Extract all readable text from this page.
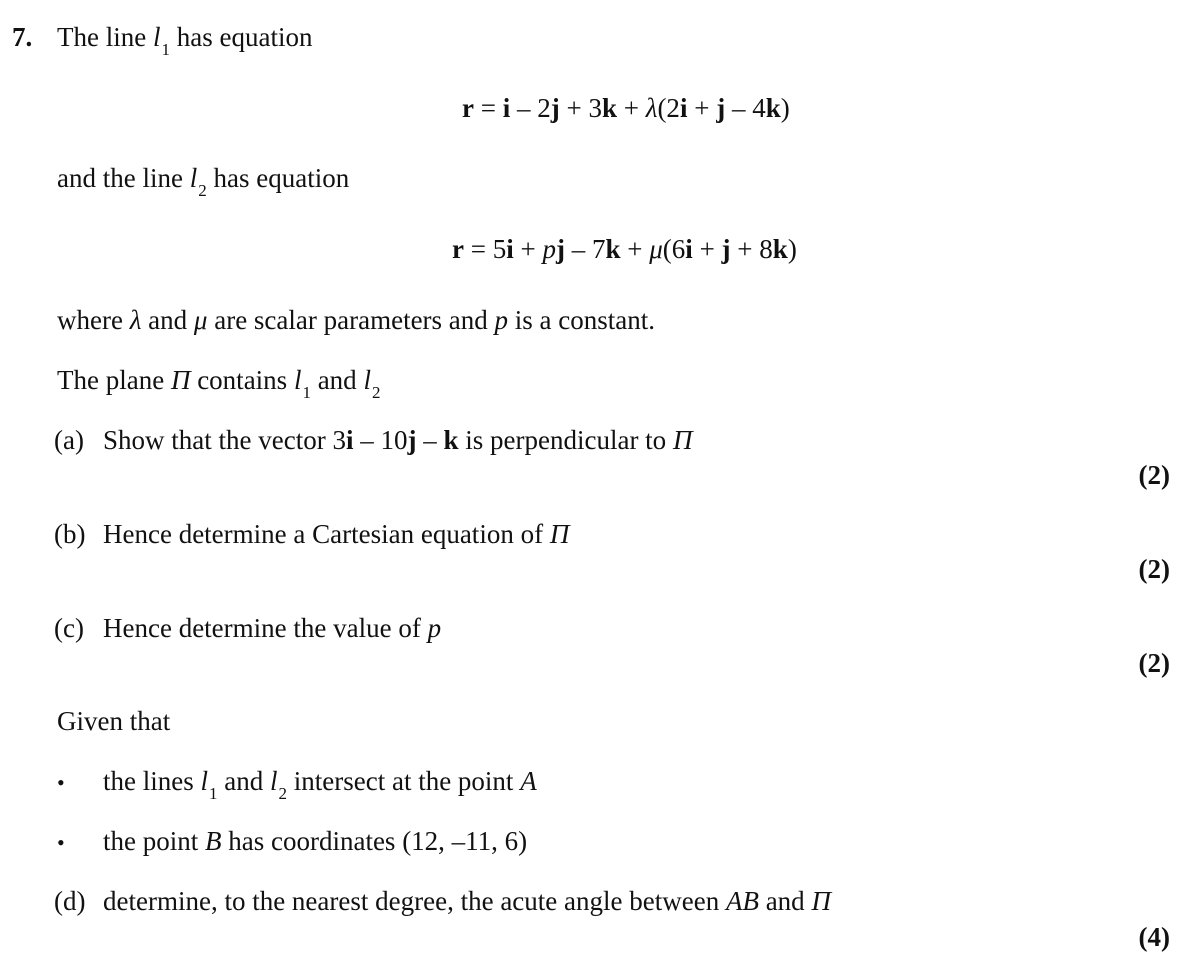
7. The line $l_1$ has equation
r = i – 2j + 3k + λ(2i + j – 4k)
and the line $l_2$ has equation
r = 5i + pj – 7k + μ(6i + j + 8k)
where λ and μ are scalar parameters and p is a constant.
The plane Π contains $l_1$ and $l_2$
(a) Show that the vector 3i – 10j – k is perpendicular to Π
(2)
(b) Hence determine a Cartesian equation of Π
(2)
(c) Hence determine the value of p
(2)
Given that
• the lines $l_1$ and $l_2$ intersect at the point A
• the point B has coordinates (12, –11, 6)
(d) determine, to the nearest degree, the acute angle between AB and Π
(4)
